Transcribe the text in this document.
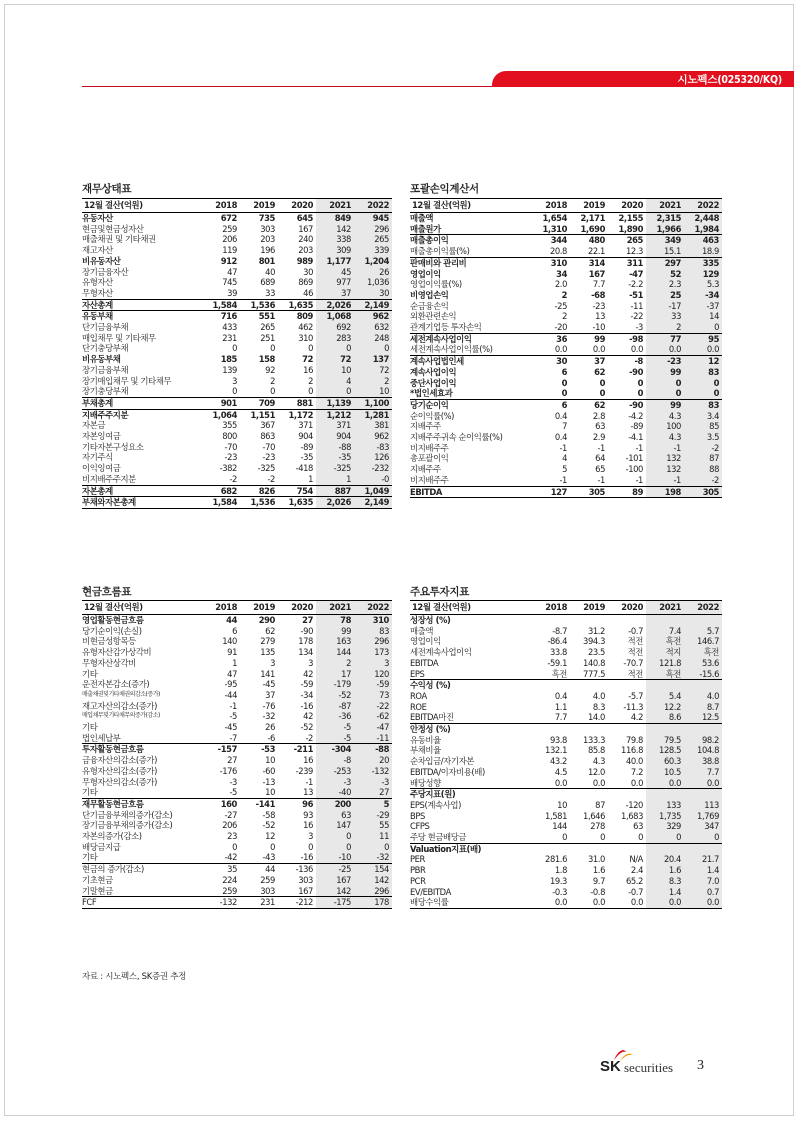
시노펙스(025320/KQ)
재무상태표
12월 결산(억원)	2018	2019	2020	2021	2022
유동자산	672	735	645	849	945
현금및현금성자산	259	303	167	142	296
매출채권 및 기타채권	206	203	240	338	265
재고자산	119	196	203	309	339
비유동자산	912	801	989	1,177	1,204
장기금융자산	47	40	30	45	26
유형자산	745	689	869	977	1,036
무형자산	39	33	46	37	30
자산총계	1,584	1,536	1,635	2,026	2,149
유동부채	716	551	809	1,068	962
단기금융부채	433	265	462	692	632
매입채무 및 기타채무	231	251	310	283	248
단기충당부채	0	0	0	0	0
비유동부채	185	158	72	72	137
장기금융부채	139	92	16	10	72
장기매입채무 및 기타채무	3	2	2	4	2
장기충당부채	0	0	0	0	10
부채총계	901	709	881	1,139	1,100
지배주주지분	1,064	1,151	1,172	1,212	1,281
자본금	355	367	371	371	381
자본잉여금	800	863	904	904	962
기타자본구성요소	-70	-70	-89	-88	-83
자기주식	-23	-23	-35	-35	126
이익잉여금	-382	-325	-418	-325	-232
비지배주주지분	-2	-2	1	1	-0
자본총계	682	826	754	887	1,049
부채와자본총계	1,584	1,536	1,635	2,026	2,149
포괄손익계산서
12월 결산(억원)	2018	2019	2020	2021	2022
매출액	1,654	2,171	2,155	2,315	2,448
매출원가	1,310	1,690	1,890	1,966	1,984
매출총이익	344	480	265	349	463
매출총이익률(%)	20.8	22.1	12.3	15.1	18.9
판매비와 관리비	310	314	311	297	335
영업이익	34	167	-47	52	129
영업이익률(%)	2.0	7.7	-2.2	2.3	5.3
비영업손익	2	-68	-51	25	-34
순금융손익	-25	-23	-11	-17	-37
외환관련손익	2	13	-22	33	14
관계기업등 투자손익	-20	-10	-3	2	0
세전계속사업이익	36	99	-98	77	95
세전계속사업이익률(%)	0.0	0.0	0.0	0.0	0.0
계속사업법인세	30	37	-8	-23	12
계속사업이익	6	62	-90	99	83
중단사업이익	0	0	0	0	0
*법인세효과	0	0	0	0	0
당기순이익	6	62	-90	99	83
순이익률(%)	0.4	2.8	-4.2	4.3	3.4
지배주주	7	63	-89	100	85
지배주주귀속 순이익률(%)	0.4	2.9	-4.1	4.3	3.5
비지배주주	-1	-1	-1	-1	-2
총포괄이익	4	64	-101	132	87
지배주주	5	65	-100	132	88
비지배주주	-1	-1	-1	-1	-2
EBITDA	127	305	89	198	305
현금흐름표
12월 결산(억원)	2018	2019	2020	2021	2022
영업활동현금흐름	44	290	27	78	310
당기순이익(손실)	6	62	-90	99	83
비현금성항목등	140	279	178	163	296
유형자산감가상각비	91	135	134	144	173
무형자산상각비	1	3	3	2	3
기타	47	141	42	17	120
운전자본감소(증가)	-95	-45	-59	-179	-59
매출채권및기타채권의감소(증가)	-44	37	-34	-52	73
재고자산의감소(증가)	-1	-76	-16	-87	-22
매입채무및기타채무의증가(감소)	-5	-32	42	-36	-62
기타	-45	26	-52	-5	-47
법인세납부	-7	-6	-2	-5	-11
투자활동현금흐름	-157	-53	-211	-304	-88
금융자산의감소(증가)	27	10	16	-8	20
유형자산의감소(증가)	-176	-60	-239	-253	-132
무형자산의감소(증가)	-3	-13	-1	-3	-3
기타	-5	10	13	-40	27
재무활동현금흐름	160	-141	96	200	5
단기금융부채의증가(감소)	-27	-58	93	63	-29
장기금융부채의증가(감소)	206	-52	16	147	55
자본의증가(감소)	23	12	3	0	11
배당금지급	0	0	0	0	0
기타	-42	-43	-16	-10	-32
현금의 증가(감소)	35	44	-136	-25	154
기초현금	224	259	303	167	142
기말현금	259	303	167	142	296
FCF	-132	231	-212	-175	178
주요투자지표
12월 결산(억원)	2018	2019	2020	2021	2022
성장성 (%)					
매출액	-8.7	31.2	-0.7	7.4	5.7
영업이익	-86.4	394.3	적전	흑전	146.7
세전계속사업이익	33.8	23.5	적전	적지	흑전
EBITDA	-59.1	140.8	-70.7	121.8	53.6
EPS	흑전	777.5	적전	흑전	-15.6
수익성 (%)					
ROA	0.4	4.0	-5.7	5.4	4.0
ROE	1.1	8.3	-11.3	12.2	8.7
EBITDA마진	7.7	14.0	4.2	8.6	12.5
안정성 (%)					
유동비율	93.8	133.3	79.8	79.5	98.2
부채비율	132.1	85.8	116.8	128.5	104.8
순차입금/자기자본	43.2	4.3	40.0	60.3	38.8
EBITDA/이자비용(배)	4.5	12.0	7.2	10.5	7.7
배당성향	0.0	0.0	0.0	0.0	0.0
주당지표(원)					
EPS(계속사업)	10	87	-120	133	113
BPS	1,581	1,646	1,683	1,735	1,769
CFPS	144	278	63	329	347
주당 현금배당금	0	0	0	0	0
Valuation지표(배)					
PER	281.6	31.0	N/A	20.4	21.7
PBR	1.8	1.6	2.4	1.6	1.4
PCR	19.3	9.7	65.2	8.3	7.0
EV/EBITDA	-0.3	-0.8	-0.7	1.4	0.7
배당수익률	0.0	0.0	0.0	0.0	0.0
자료 : 시노펙스, SK증권 추정
SK securities 3
